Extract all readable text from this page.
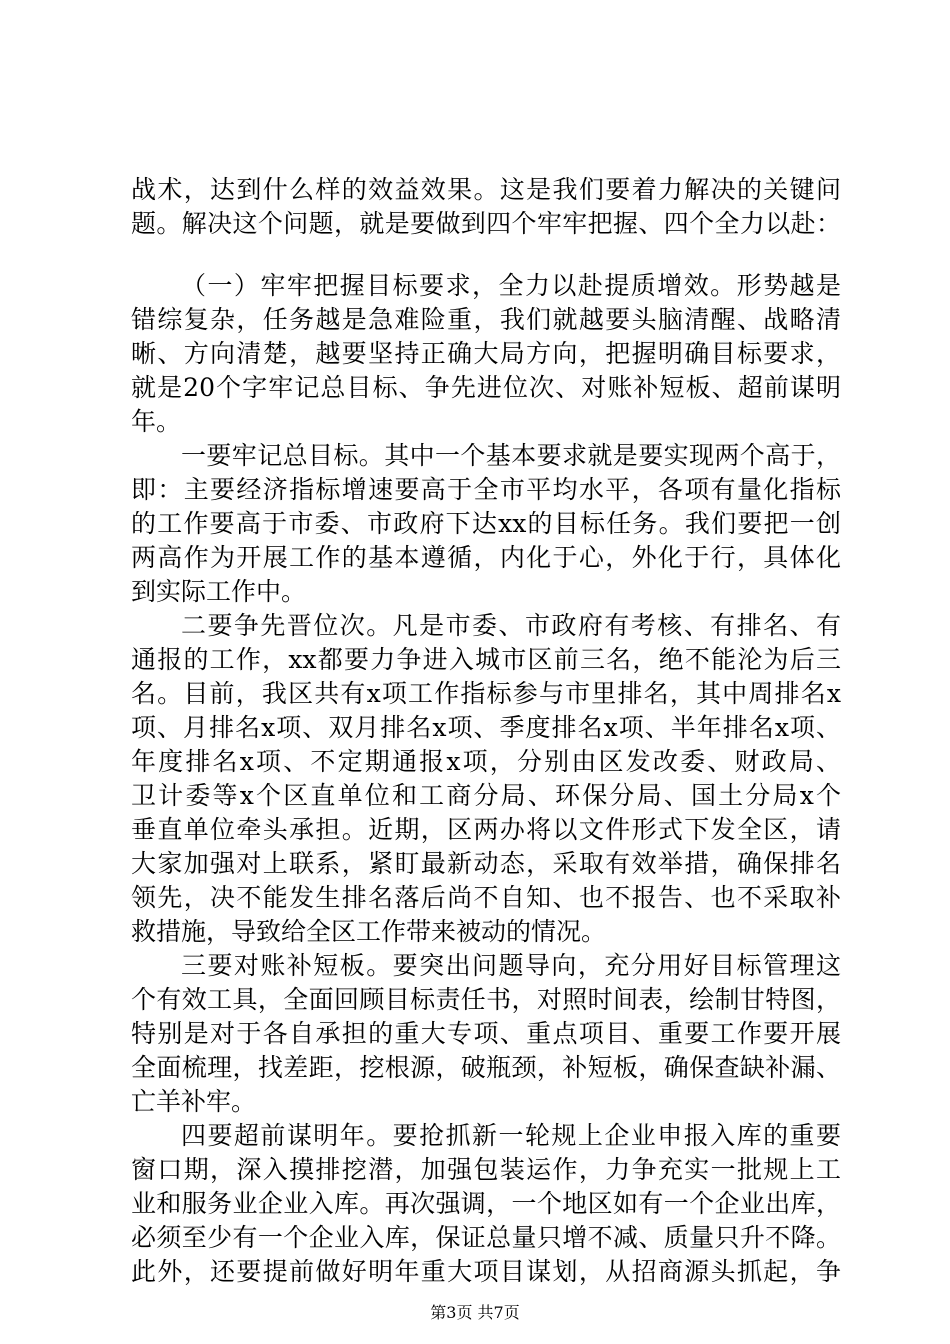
战术，达到什么样的效益效果。这是我们要着力解决的关键问
题。解决这个问题，就是要做到四个牢牢把握、四个全力以赴：
（一）牢牢把握目标要求，全力以赴提质增效。形势越是
错综复杂，任务越是急难险重，我们就越要头脑清醒、战略清
晰、方向清楚，越要坚持正确大局方向，把握明确目标要求，
就是20个字牢记总目标、争先进位次、对账补短板、超前谋明
年。
一要牢记总目标。其中一个基本要求就是要实现两个高于，
即：主要经济指标增速要高于全市平均水平，各项有量化指标
的工作要高于市委、市政府下达xx的目标任务。我们要把一创
两高作为开展工作的基本遵循，内化于心，外化于行，具体化
到实际工作中。
二要争先晋位次。凡是市委、市政府有考核、有排名、有
通报的工作，xx都要力争进入城市区前三名，绝不能沦为后三
名。目前，我区共有x项工作指标参与市里排名，其中周排名x
项、月排名x项、双月排名x项、季度排名x项、半年排名x项、
年度排名x项、不定期通报x项，分别由区发改委、财政局、
卫计委等x个区直单位和工商分局、环保分局、国土分局x个
垂直单位牵头承担。近期，区两办将以文件形式下发全区，请
大家加强对上联系，紧盯最新动态，采取有效举措，确保排名
领先，决不能发生排名落后尚不自知、也不报告、也不采取补
救措施，导致给全区工作带来被动的情况。
三要对账补短板。要突出问题导向，充分用好目标管理这
个有效工具，全面回顾目标责任书，对照时间表，绘制甘特图，
特别是对于各自承担的重大专项、重点项目、重要工作要开展
全面梳理，找差距，挖根源，破瓶颈，补短板，确保查缺补漏、
亡羊补牢。
四要超前谋明年。要抢抓新一轮规上企业申报入库的重要
窗口期，深入摸排挖潜，加强包装运作，力争充实一批规上工
业和服务业企业入库。再次强调，一个地区如有一个企业出库，
必须至少有一个企业入库，保证总量只增不减、质量只升不降。
此外，还要提前做好明年重大项目谋划，从招商源头抓起，争
第3页 共7页
